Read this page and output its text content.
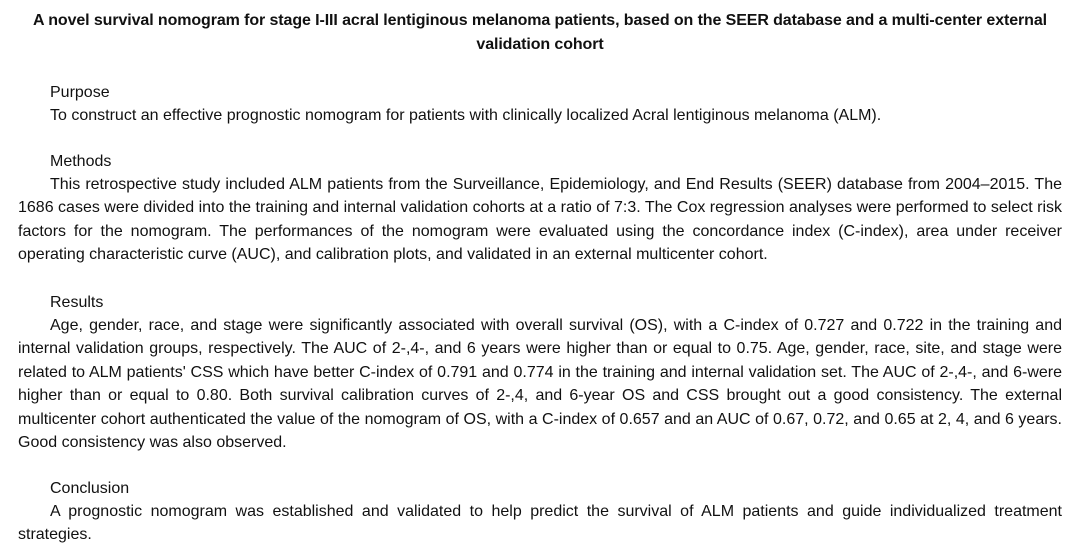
A novel survival nomogram for stage I-III acral lentiginous melanoma patients, based on the SEER database and a multi-center external validation cohort
Purpose

To construct an effective prognostic nomogram for patients with clinically localized Acral lentiginous melanoma (ALM).

Methods

This retrospective study included ALM patients from the Surveillance, Epidemiology, and End Results (SEER) database from 2004–2015. The 1686 cases were divided into the training and internal validation cohorts at a ratio of 7:3. The Cox regression analyses were performed to select risk factors for the nomogram. The performances of the nomogram were evaluated using the concordance index (C-index), area under receiver operating characteristic curve (AUC), and calibration plots, and validated in an external multicenter cohort.

Results

Age, gender, race, and stage were significantly associated with overall survival (OS), with a C-index of 0.727 and 0.722 in the training and internal validation groups, respectively. The AUC of 2-,4-, and 6 years were higher than or equal to 0.75. Age, gender, race, site, and stage were related to ALM patients' CSS which have better C-index of 0.791 and 0.774 in the training and internal validation set. The AUC of 2-,4-, and 6-were higher than or equal to 0.80. Both survival calibration curves of 2-,4, and 6-year OS and CSS brought out a good consistency. The external multicenter cohort authenticated the value of the nomogram of OS, with a C-index of 0.657 and an AUC of 0.67, 0.72, and 0.65 at 2, 4, and 6 years. Good consistency was also observed.

Conclusion

A prognostic nomogram was established and validated to help predict the survival of ALM patients and guide individualized treatment strategies.
